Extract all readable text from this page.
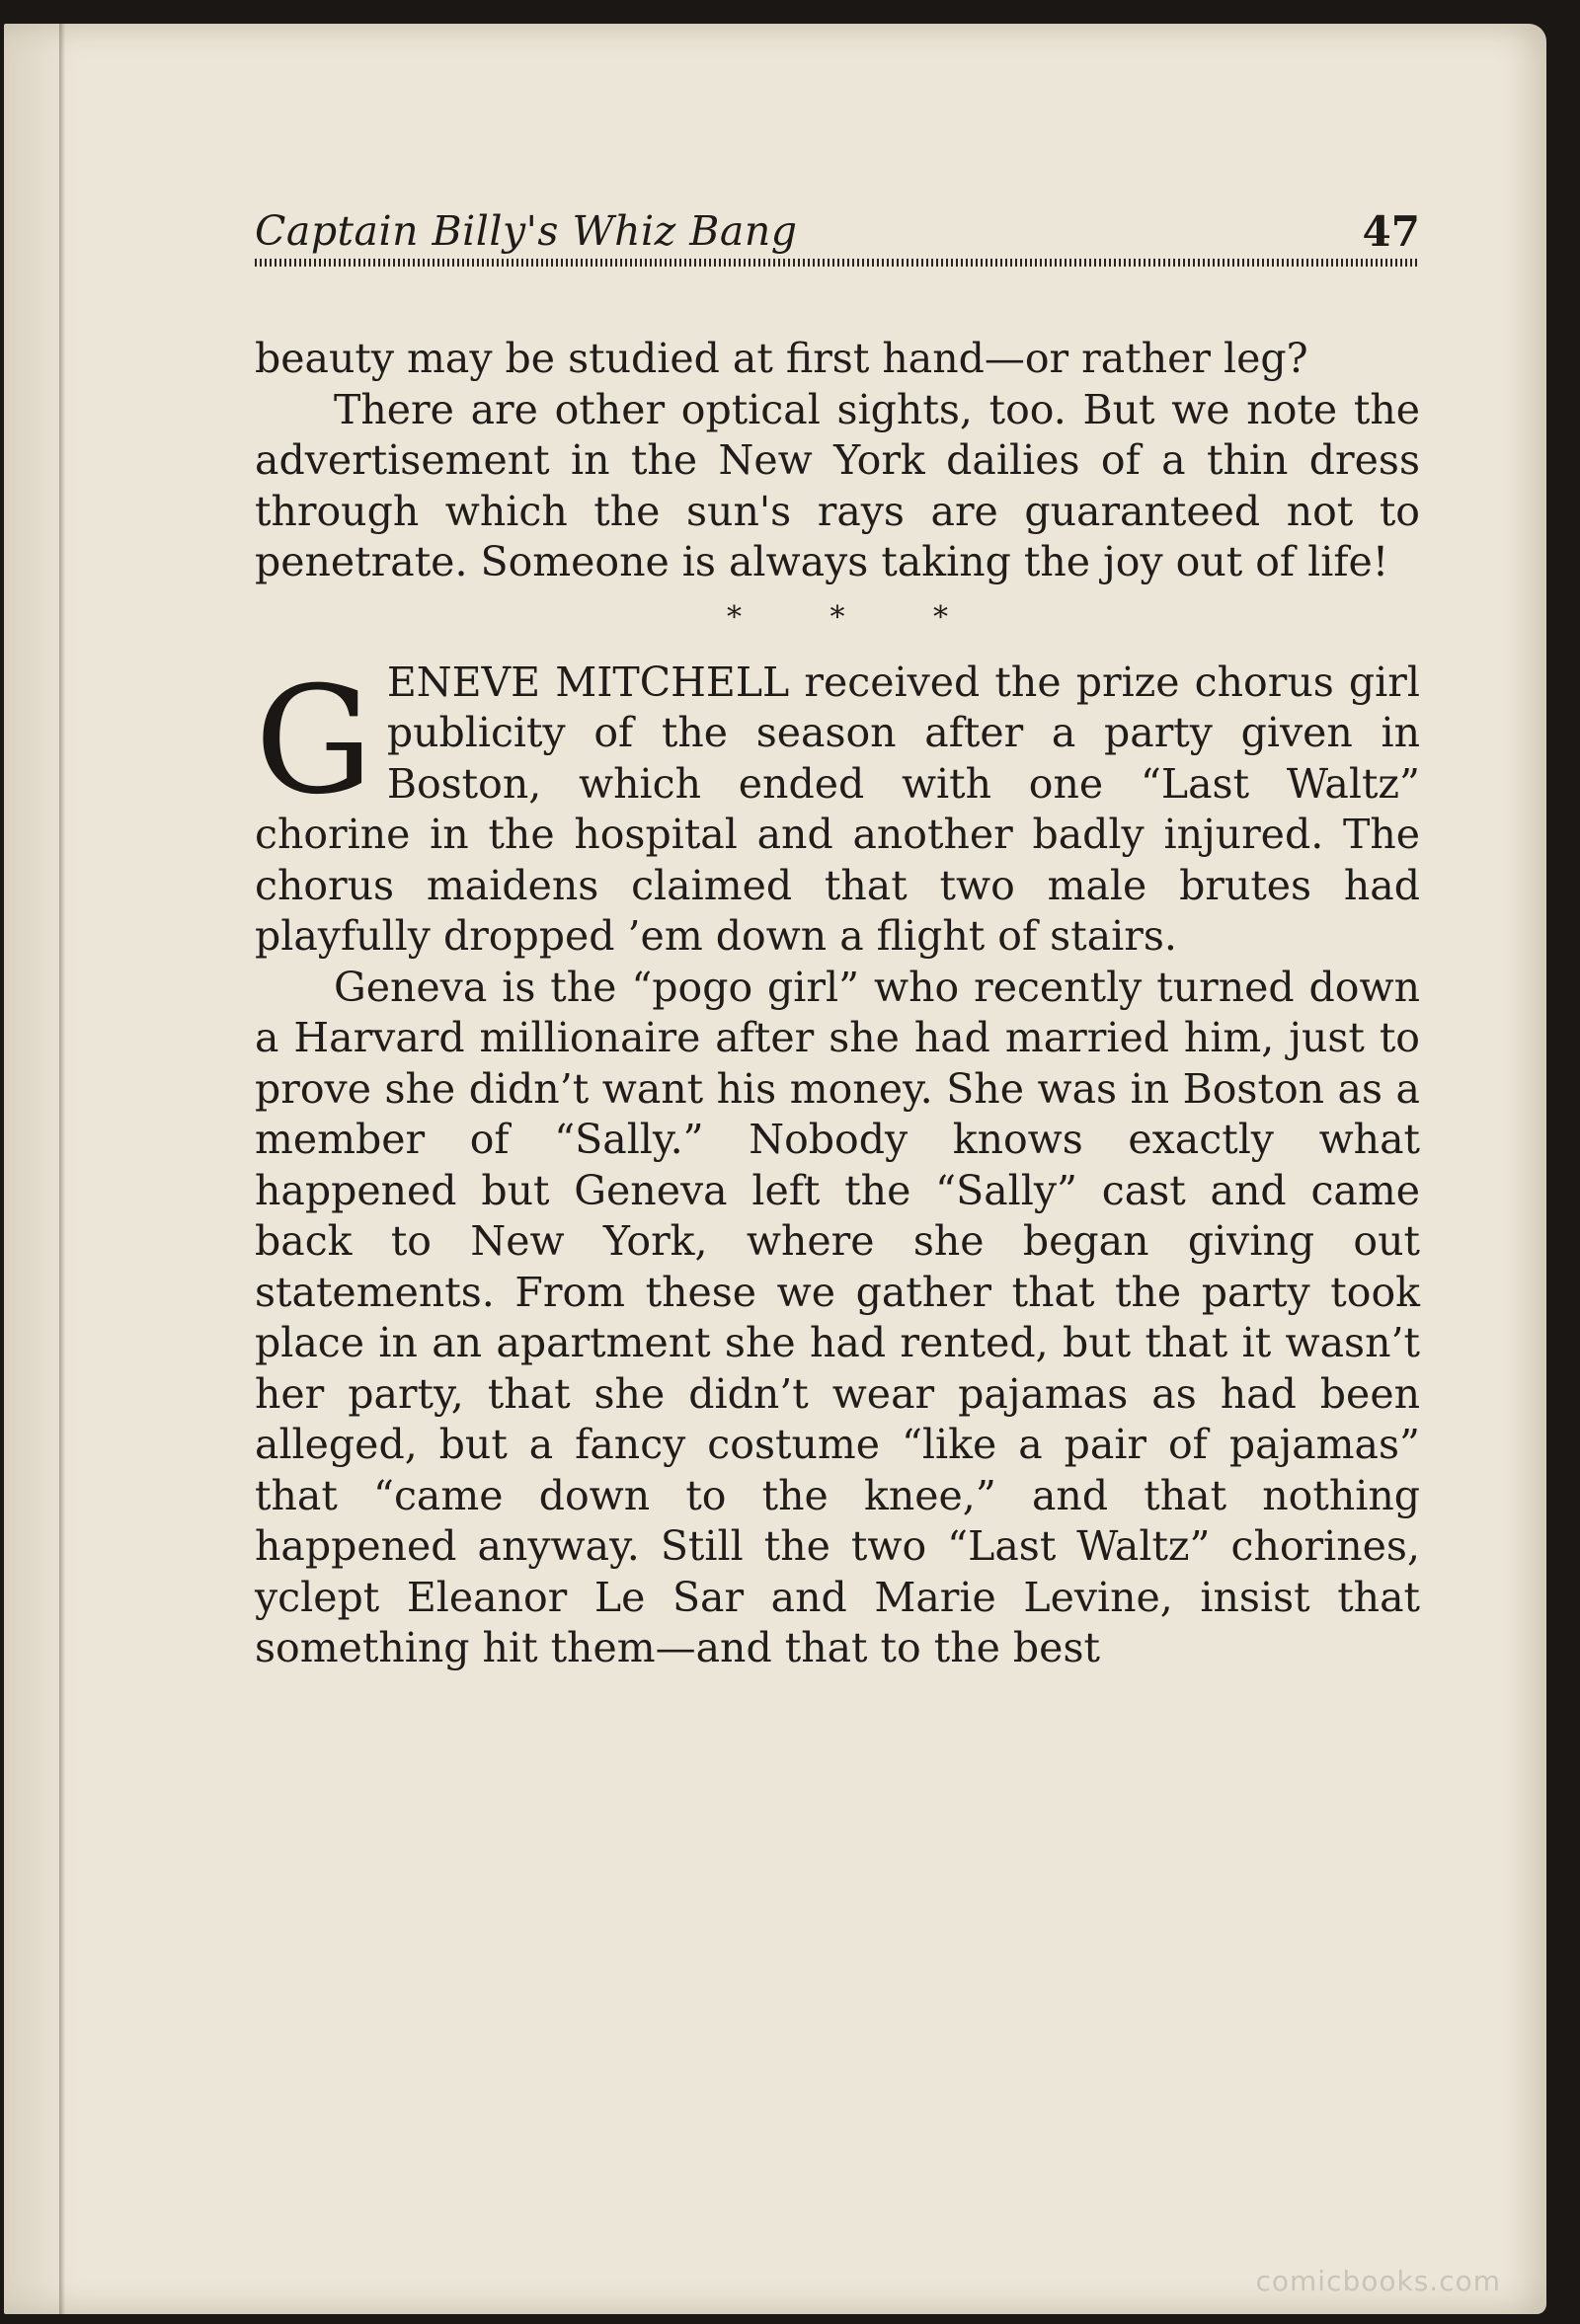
Captain Billy's Whiz Bang	47

beauty may be studied at first hand—or rather leg?

There are other optical sights, too. But we note the advertisement in the New York dailies of a thin dress through which the sun's rays are guaranteed not to penetrate. Someone is always taking the joy out of life!

* * *

G ENEVE MITCHELL received the prize chorus girl publicity of the season after a party given in Boston, which ended with one “Last Waltz” chorine in the hospital and another badly injured. The chorus maidens claimed that two male brutes had playfully dropped ’em down a flight of stairs.

Geneva is the “pogo girl” who recently turned down a Harvard millionaire after she had married him, just to prove she didn’t want his money. She was in Boston as a member of “Sally.” Nobody knows exactly what happened but Geneva left the “Sally” cast and came back to New York, where she began giving out statements. From these we gather that the party took place in an apartment she had rented, but that it wasn’t her party, that she didn’t wear pajamas as had been alleged, but a fancy costume “like a pair of pajamas” that “came down to the knee,” and that nothing happened anyway. Still the two “Last Waltz” chorines, yclept Eleanor Le Sar and Marie Levine, insist that something hit them—and that to the best

comicbooks.com
